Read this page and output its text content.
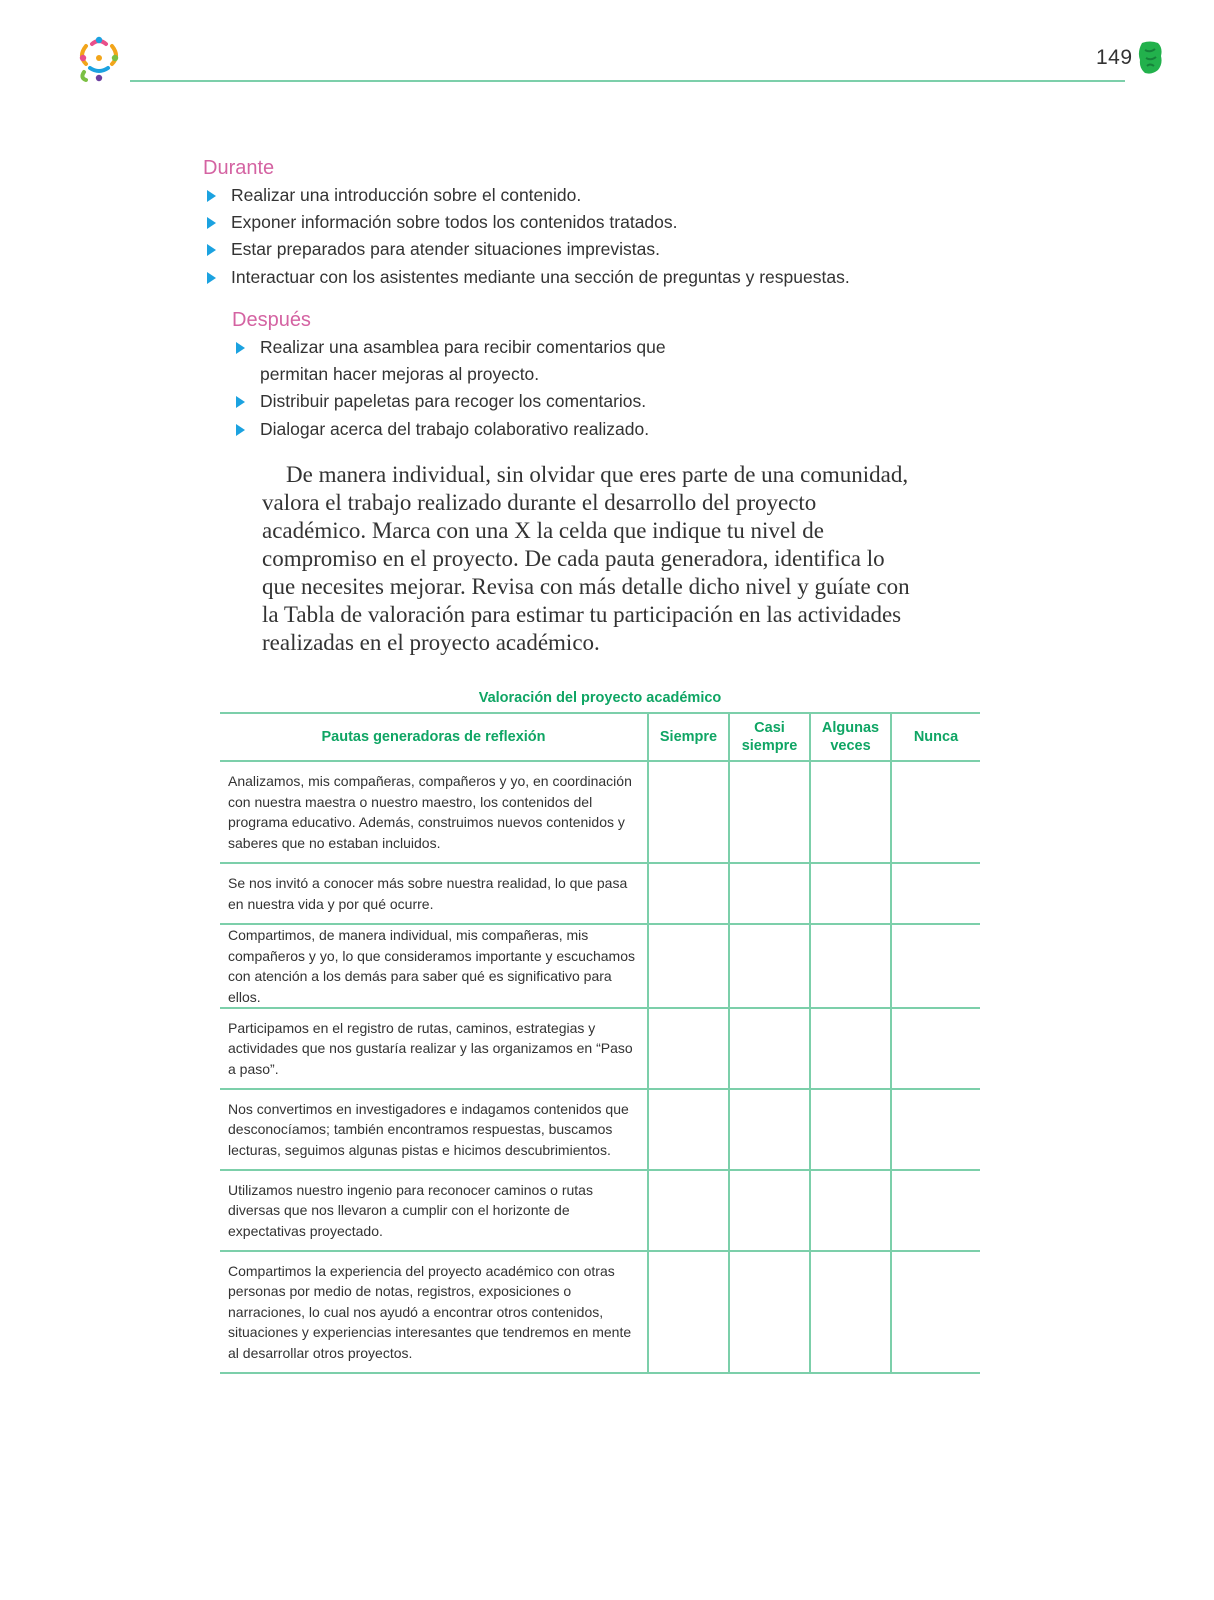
149
Durante
Realizar una introducción sobre el contenido.
Exponer información sobre todos los contenidos tratados.
Estar preparados para atender situaciones imprevistas.
Interactuar con los asistentes mediante una sección de preguntas y respuestas.
Después
Realizar una asamblea para recibir comentarios que permitan hacer mejoras al proyecto.
Distribuir papeletas para recoger los comentarios.
Dialogar acerca del trabajo colaborativo realizado.

De manera individual, sin olvidar que eres parte de una comunidad, valora el trabajo realizado durante el desarrollo del proyecto académico. Marca con una X la celda que indique tu nivel de compromiso en el proyecto. De cada pauta generadora, identifica lo que necesites mejorar. Revisa con más detalle dicho nivel y guíate con la Tabla de valoración para estimar tu participación en las actividades realizadas en el proyecto académico.

Valoración del proyecto académico
Pautas generadoras de reflexión	Siempre	Casi siempre	Algunas veces	Nunca
Analizamos, mis compañeras, compañeros y yo, en coordinación con nuestra maestra o nuestro maestro, los contenidos del programa educativo. Además, construimos nuevos contenidos y saberes que no estaban incluidos.				
Se nos invitó a conocer más sobre nuestra realidad, lo que pasa en nuestra vida y por qué ocurre.				
Compartimos, de manera individual, mis compañeras, mis compañeros y yo, lo que consideramos importante y escuchamos con atención a los demás para saber qué es significativo para ellos.				
Participamos en el registro de rutas, caminos, estrategias y actividades que nos gustaría realizar y las organizamos en “Paso a paso”.				
Nos convertimos en investigadores e indagamos contenidos que desconocíamos; también encontramos respuestas, buscamos lecturas, seguimos algunas pistas e hicimos descubrimientos.				
Utilizamos nuestro ingenio para reconocer caminos o rutas diversas que nos llevaron a cumplir con el horizonte de expectativas proyectado.				
Compartimos la experiencia del proyecto académico con otras personas por medio de notas, registros, exposiciones o narraciones, lo cual nos ayudó a encontrar otros contenidos, situaciones y experiencias interesantes que tendremos en mente al desarrollar otros proyectos.				
